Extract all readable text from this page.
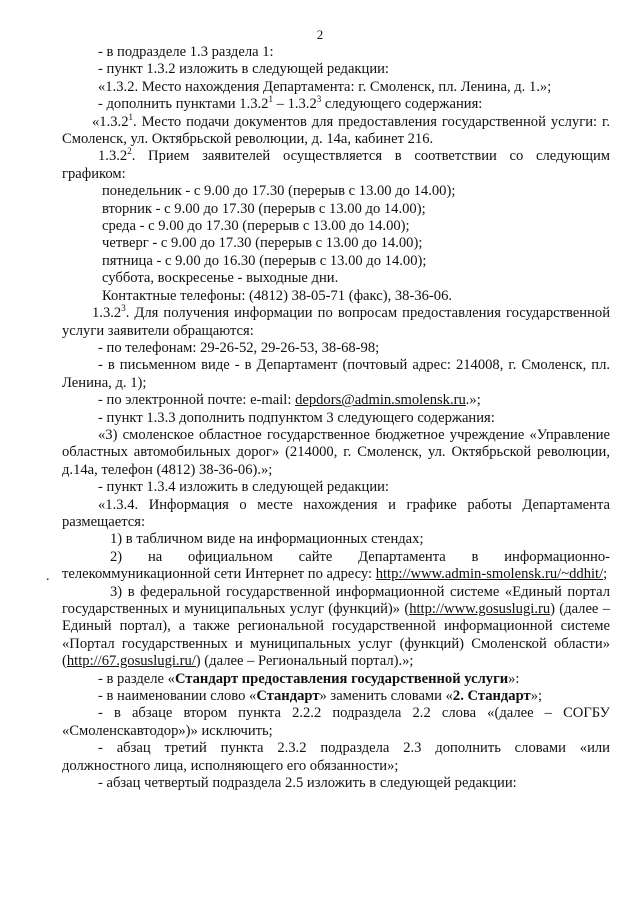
2
.

- в подразделе 1.3 раздела 1:

- пункт 1.3.2 изложить в следующей редакции:

«1.3.2. Место нахождения Департамента: г. Смоленск, пл. Ленина, д. 1.»;

- дополнить пунктами 1.3.2$^1$ – 1.3.2$^3$ следующего содержания:

«1.3.2$^1$. Место подачи документов для предоставления государственной услуги: г. Смоленск, ул. Октябрьской революции, д. 14а, кабинет 216.

1.3.2$^2$. Прием заявителей осуществляется в соответствии со следующим графиком:

понедельник - с 9.00 до 17.30 (перерыв с 13.00 до 14.00);

вторник - с 9.00 до 17.30 (перерыв с 13.00 до 14.00);

среда - с 9.00 до 17.30 (перерыв с 13.00 до 14.00);

четверг - с 9.00 до 17.30 (перерыв с 13.00 до 14.00);

пятница - с 9.00 до 16.30 (перерыв с 13.00 до 14.00);

суббота, воскресенье - выходные дни.

Контактные телефоны: (4812) 38-05-71 (факс), 38-36-06.

1.3.2$^3$. Для получения информации по вопросам предоставления государственной услуги заявители обращаются:

- по телефонам: 29-26-52, 29-26-53, 38-68-98;

- в письменном виде - в Департамент (почтовый адрес: 214008, г. Смоленск, пл. Ленина, д. 1);

- по электронной почте: e-mail: depdors@admin.smolensk.ru.»;

- пункт 1.3.3 дополнить подпунктом 3 следующего содержания:

«3) смоленское областное государственное бюджетное учреждение «Управление областных автомобильных дорог» (214000, г. Смоленск, ул. Октябрьской революции, д.14а, телефон (4812) 38-36-06).»;

- пункт 1.3.4 изложить в следующей редакции:

«1.3.4. Информация о месте нахождения и графике работы Департамента размещается:

1) в табличном виде на информационных стендах;

2) на официальном сайте Департамента в информационно-телекоммуникационной сети Интернет по адресу: http://www.admin-smolensk.ru/~ddhit/;

3) в федеральной государственной информационной системе «Единый портал государственных и муниципальных услуг (функций)» (http://www.gosuslugi.ru) (далее – Единый портал), а также региональной государственной информационной системе «Портал государственных и муниципальных услуг (функций) Смоленской области» (http://67.gosuslugi.ru/) (далее – Региональный портал).»;

- в разделе «Стандарт предоставления государственной услуги»:

- в наименовании слово «Стандарт» заменить словами «2. Стандарт»;

- в абзаце втором пункта 2.2.2 подраздела 2.2 слова «(далее – СОГБУ «Смоленскавтодор»)» исключить;

- абзац третий пункта 2.3.2 подраздела 2.3 дополнить словами «или должностного лица, исполняющего его обязанности»;

- абзац четвертый подраздела 2.5 изложить в следующей редакции:
